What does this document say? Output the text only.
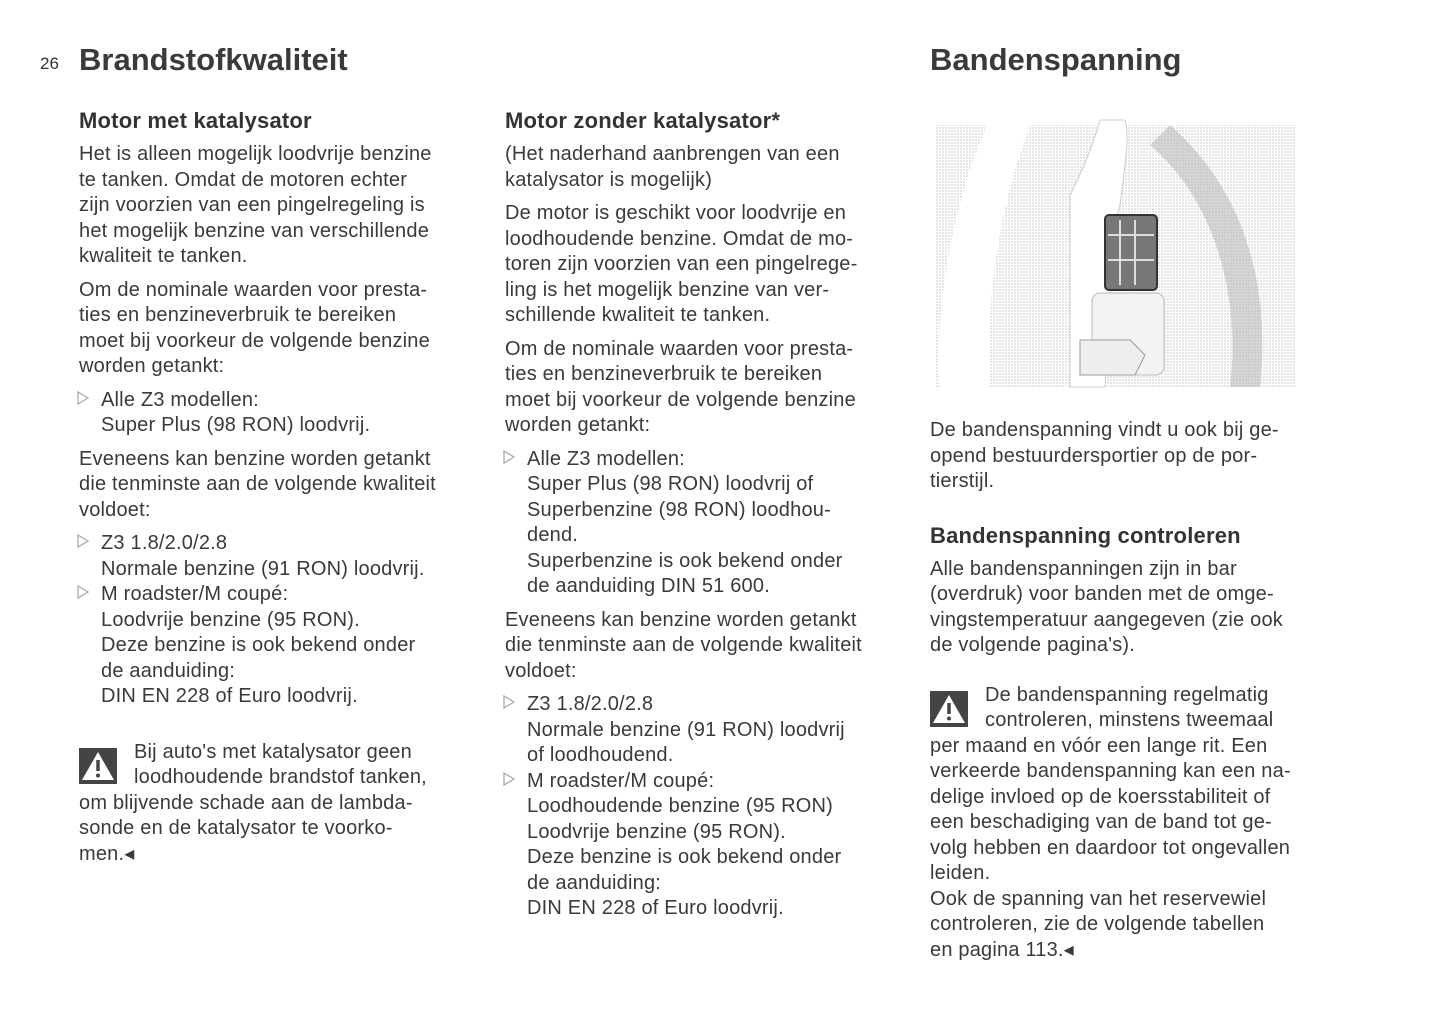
26 Brandstofkwaliteit	Bandenspanning
Motor met katalysator
Het is alleen mogelijk loodvrije benzine
te tanken. Omdat de motoren echter
zijn voorzien van een pingelregeling is
het mogelijk benzine van verschillende
kwaliteit te tanken.
Om de nominale waarden voor presta-
ties en benzineverbruik te bereiken
moet bij voorkeur de volgende benzine
worden getankt:
Alle Z3 modellen:
Super Plus (98 RON) loodvrij.
Eveneens kan benzine worden getankt
die tenminste aan de volgende kwaliteit
voldoet:
Z3 1.8/2.0/2.8
Normale benzine (91 RON) loodvrij.
M roadster/M coupé:
Loodvrije benzine (95 RON).
Deze benzine is ook bekend onder
de aanduiding:
DIN EN 228 of Euro loodvrij.
Bij auto's met katalysator geen
loodhoudende brandstof tanken,
om blijvende schade aan de lambda-
sonde en de katalysator te voorko-
men.◂
Motor zonder katalysator*
(Het naderhand aanbrengen van een
katalysator is mogelijk)
De motor is geschikt voor loodvrije en
loodhoudende benzine. Omdat de mo-
toren zijn voorzien van een pingelrege-
ling is het mogelijk benzine van ver-
schillende kwaliteit te tanken.
Om de nominale waarden voor presta-
ties en benzineverbruik te bereiken
moet bij voorkeur de volgende benzine
worden getankt:
Alle Z3 modellen:
Super Plus (98 RON) loodvrij of
Superbenzine (98 RON) loodhou-
dend.
Superbenzine is ook bekend onder
de aanduiding DIN 51 600.
Eveneens kan benzine worden getankt
die tenminste aan de volgende kwaliteit
voldoet:
Z3 1.8/2.0/2.8
Normale benzine (91 RON) loodvrij
of loodhoudend.
M roadster/M coupé:
Loodhoudende benzine (95 RON)
Loodvrije benzine (95 RON).
Deze benzine is ook bekend onder
de aanduiding:
DIN EN 228 of Euro loodvrij.
De bandenspanning vindt u ook bij ge-
opend bestuurdersportier op de por-
tierstijl.
Bandenspanning controleren
Alle bandenspanningen zijn in bar
(overdruk) voor banden met de omge-
vingstemperatuur aangegeven (zie ook
de volgende pagina's).
De bandenspanning regelmatig
controleren, minstens tweemaal
per maand en vóór een lange rit. Een
verkeerde bandenspanning kan een na-
delige invloed op de koersstabiliteit of
een beschadiging van de band tot ge-
volg hebben en daardoor tot ongevallen
leiden.
Ook de spanning van het reservewiel
controleren, zie de volgende tabellen
en pagina 113.◂
